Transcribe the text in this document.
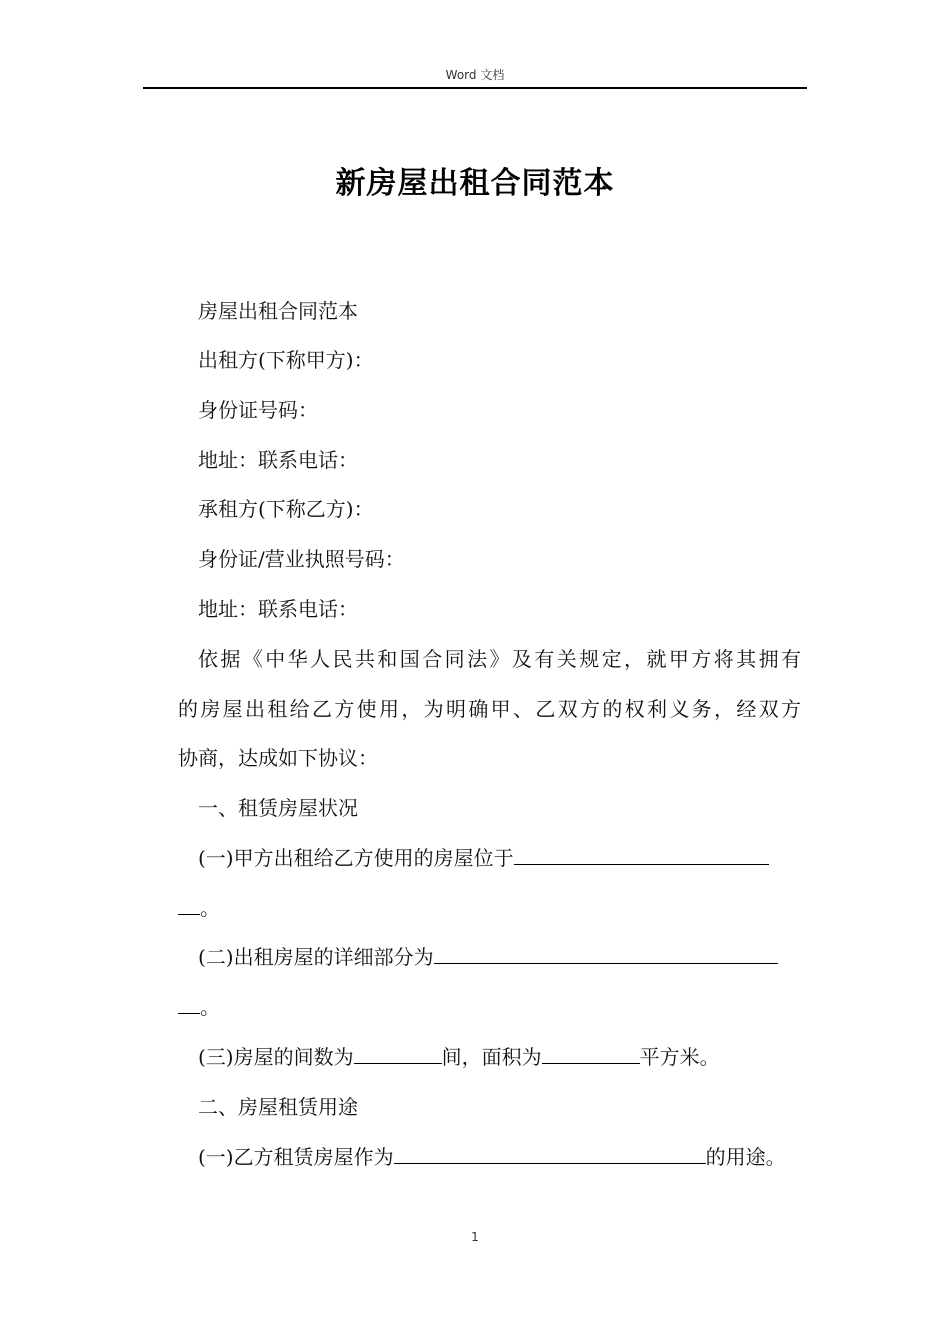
Word 文档
新房屋出租合同范本
房屋出租合同范本
出租方(下称甲方)：
身份证号码：
地址：联系电话：
承租方(下称乙方)：
身份证/营业执照号码：
地址：联系电话：
依据《中华人民共和国合同法》及有关规定，就甲方将其拥有
的房屋出租给乙方使用，为明确甲、乙双方的权利义务，经双方
协商，达成如下协议：
一、租赁房屋状况
(一)甲方出租给乙方使用的房屋位于
。
(二)出租房屋的详细部分为
。
(三)房屋的间数为	间，面积为	平方米。
二、房屋租赁用途
(一)乙方租赁房屋作为	的用途。
1
